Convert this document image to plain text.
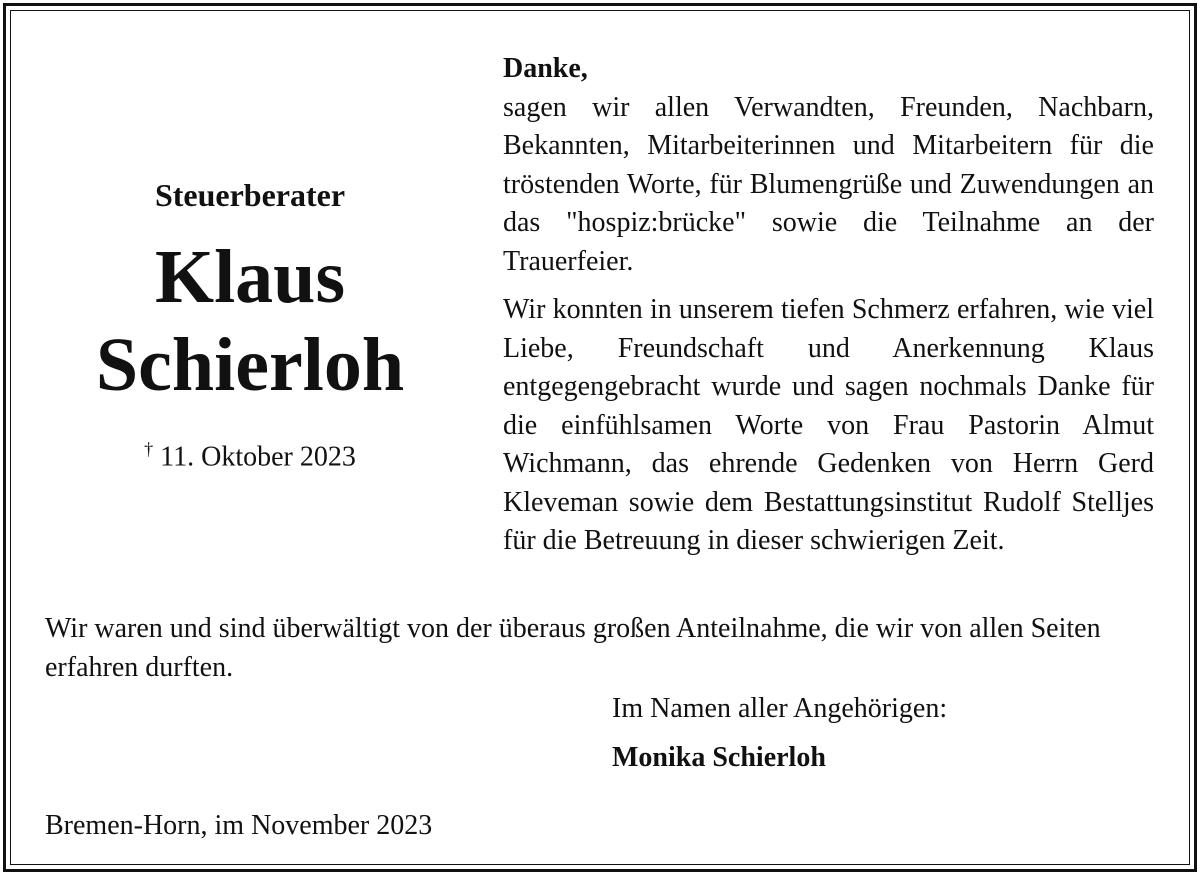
Steuerberater

Klaus
Schierloh

† 11. Oktober 2023

Danke,

sagen wir allen Verwandten, Freunden, Nachbarn, Bekannten, Mitarbeiterinnen und Mitarbeitern für die tröstenden Worte, für Blumengrüße und Zuwendungen an das "hospiz:brücke" sowie die Teilnahme an der Trauerfeier.

Wir konnten in unserem tiefen Schmerz erfahren, wie viel Liebe, Freundschaft und Anerkennung Klaus entgegengebracht wurde und sagen nochmals Danke für die einfühlsamen Worte von Frau Pastorin Almut Wichmann, das ehrende Gedenken von Herrn Gerd Kleveman sowie dem Bestattungsinstitut Rudolf Stelljes für die Betreuung in dieser schwierigen Zeit.

Wir waren und sind überwältigt von der überaus großen Anteilnahme, die wir von allen Seiten erfahren durften.

Im Namen aller Angehörigen:
Monika Schierloh
Bremen-Horn, im November 2023
